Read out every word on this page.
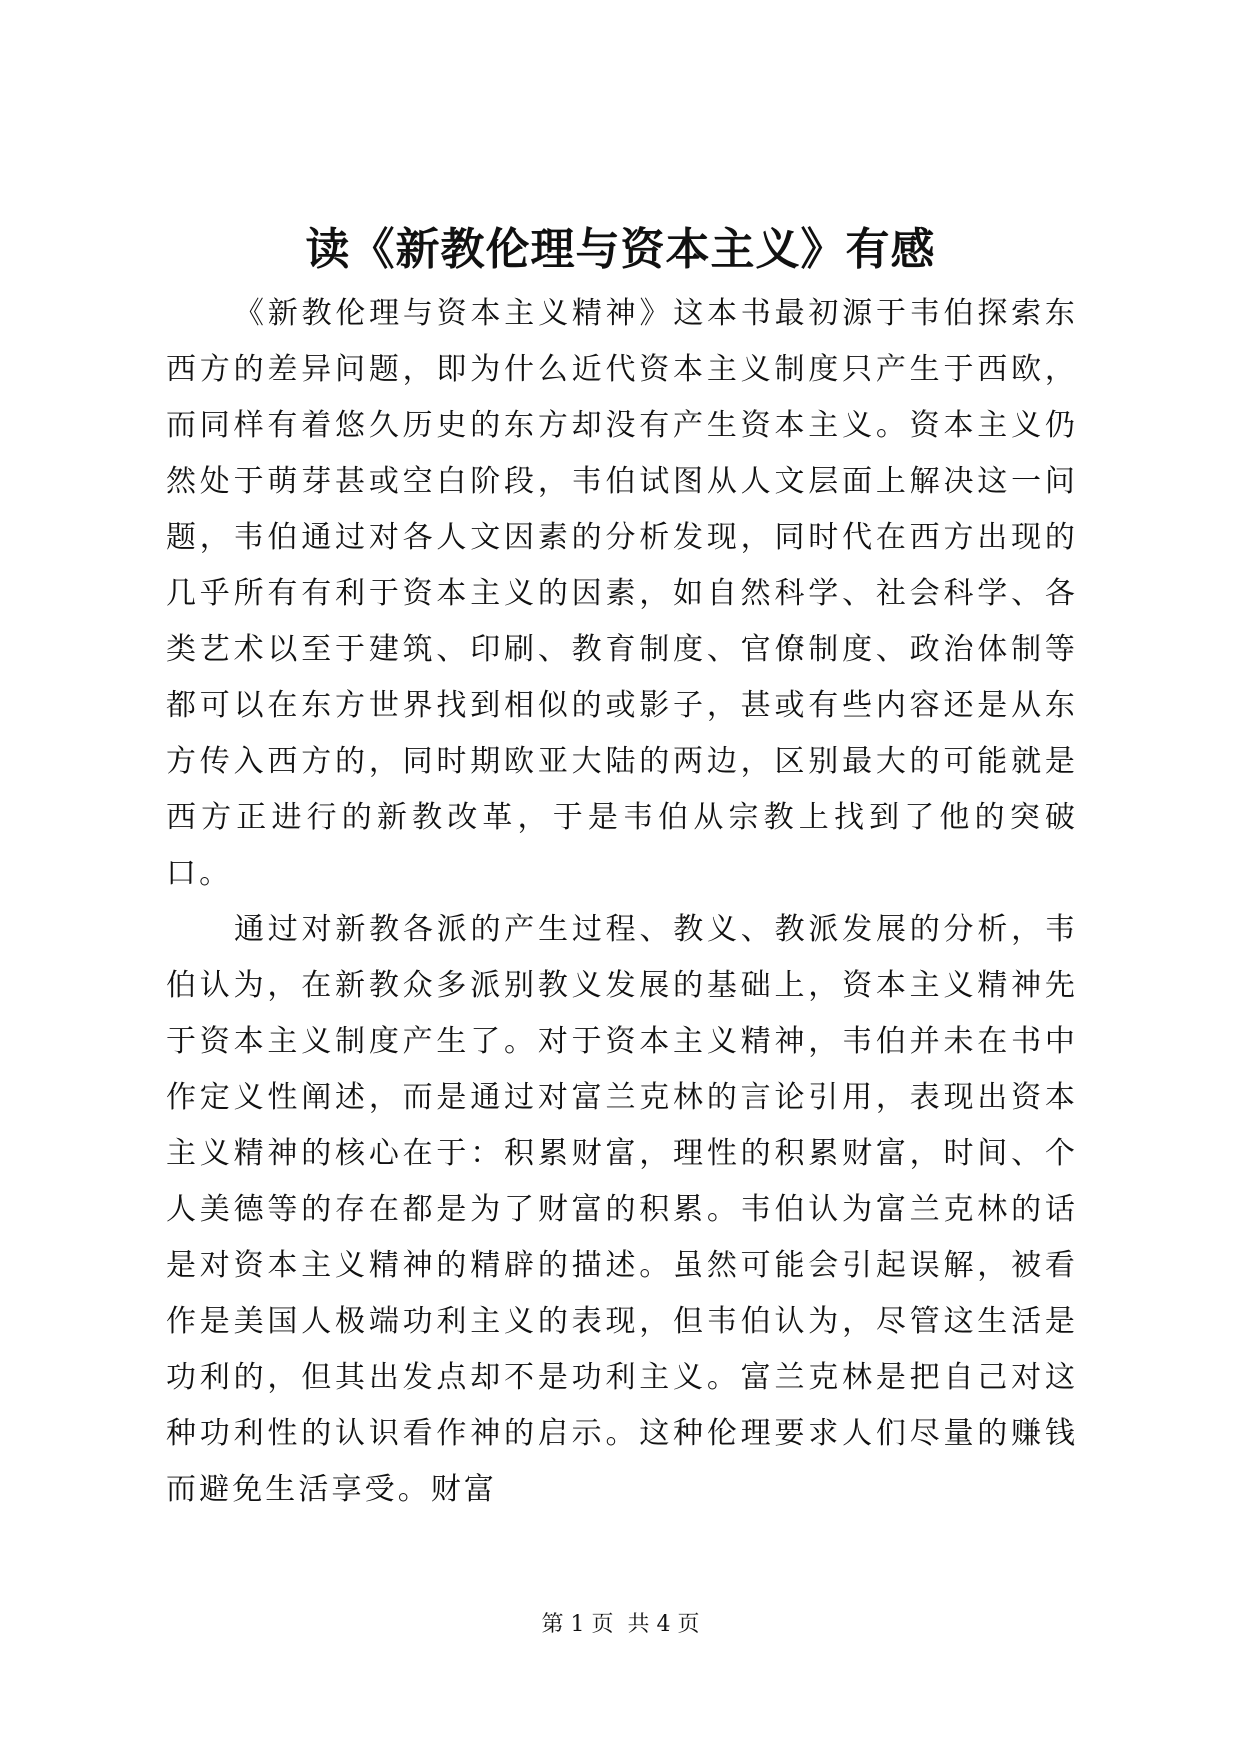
读《新教伦理与资本主义》有感

《新教伦理与资本主义精神》这本书最初源于韦伯探索东西方的差异问题，即为什么近代资本主义制度只产生于西欧，而同样有着悠久历史的东方却没有产生资本主义。资本主义仍然处于萌芽甚或空白阶段，韦伯试图从人文层面上解决这一问题，韦伯通过对各人文因素的分析发现，同时代在西方出现的几乎所有有利于资本主义的因素，如自然科学、社会科学、各类艺术以至于建筑、印刷、教育制度、官僚制度、政治体制等都可以在东方世界找到相似的或影子，甚或有些内容还是从东方传入西方的，同时期欧亚大陆的两边，区别最大的可能就是西方正进行的新教改革，于是韦伯从宗教上找到了他的突破口。

通过对新教各派的产生过程、教义、教派发展的分析，韦伯认为，在新教众多派别教义发展的基础上，资本主义精神先于资本主义制度产生了。对于资本主义精神，韦伯并未在书中作定义性阐述，而是通过对富兰克林的言论引用，表现出资本主义精神的核心在于：积累财富，理性的积累财富，时间、个人美德等的存在都是为了财富的积累。韦伯认为富兰克林的话是对资本主义精神的精辟的描述。虽然可能会引起误解，被看作是美国人极端功利主义的表现，但韦伯认为，尽管这生活是功利的，但其出发点却不是功利主义。富兰克林是把自己对这种功利性的认识看作神的启示。这种伦理要求人们尽量的赚钱而避免生活享受。财富

第 1 页  共 4 页
